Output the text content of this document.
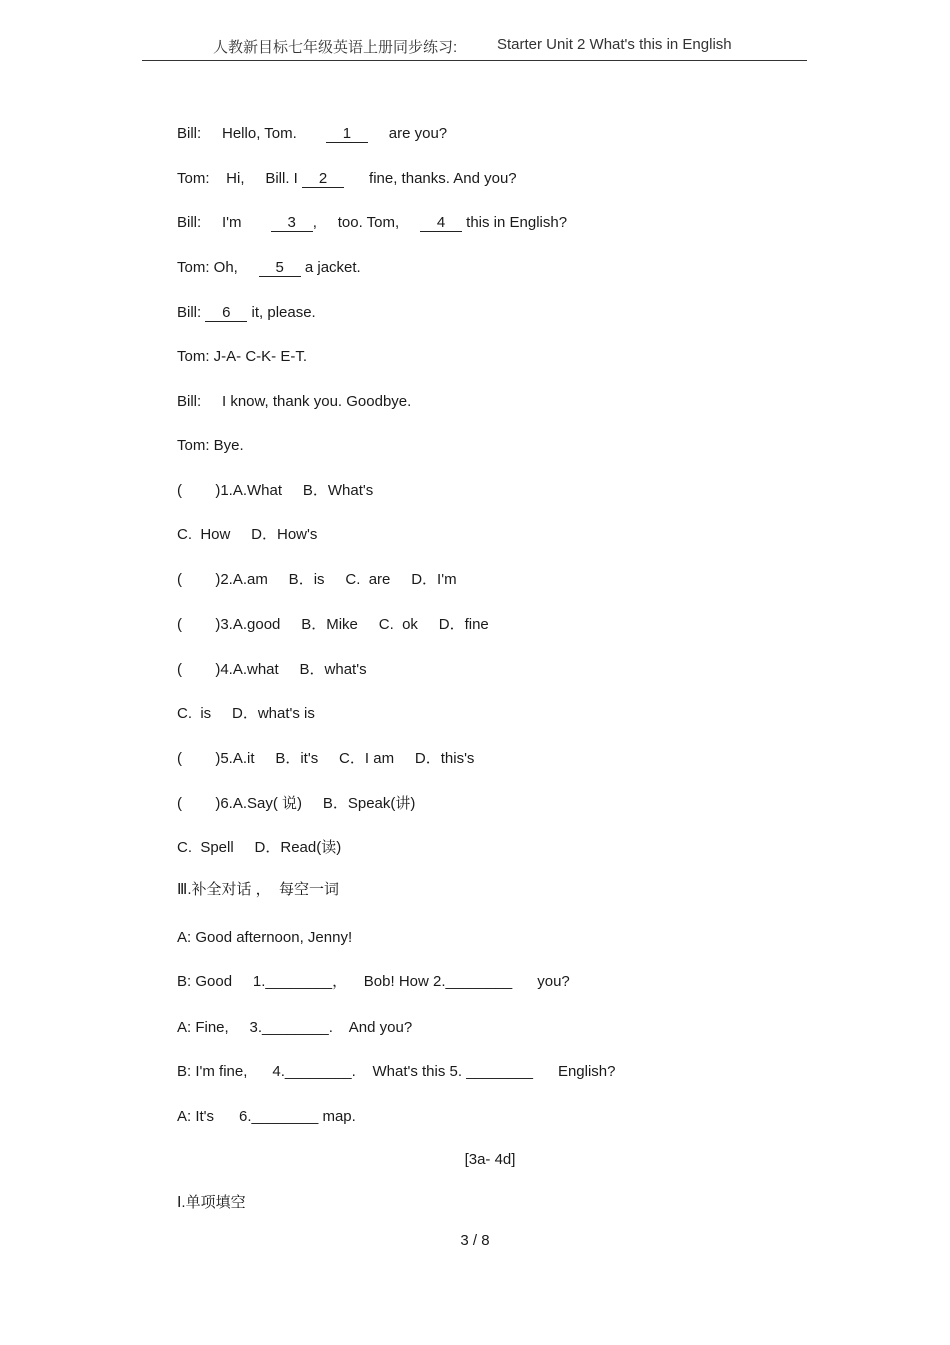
人教新目标七年级英语上册同步练习:	Starter Unit 2 What's this in English
Bill:     Hello, Tom.       1     are you?
Tom:    Hi,     Bill. I 2      fine, thanks. And you?
Bill:     I'm       3 ,     too. Tom,     4 this in English?
Tom: Oh,     5 a jacket.
Bill: 6 it, please.
Tom: J-A- C-K- E-T.
Bill:     I know, thank you. Goodbye.
Tom: Bye.
(        )1.A.What     B．What's
C.  How     D．How's
(        )2.A.am     B．is     C.  are     D．I'm
(        )3.A.good     B．Mike     C.  ok     D．fine
(        )4.A.what     B．what's
C.  is     D．what's is
(        )5.A.it     B．it's     C．I am     D．this's
(        )6.A.Say( 说)     B．Speak(讲)
C.  Spell     D．Read(读)
Ⅲ.补全对话 ，  每空一词
A: Good afternoon, Jenny!
B: Good     1.________，    Bob! How 2.________      you?
A: Fine,     3.________.    And you?
B: I'm fine,      4.________.    What's this 5. ________      English?
A: It's      6.________ map.
[3a- 4d]
Ⅰ.单项填空
3 / 8
